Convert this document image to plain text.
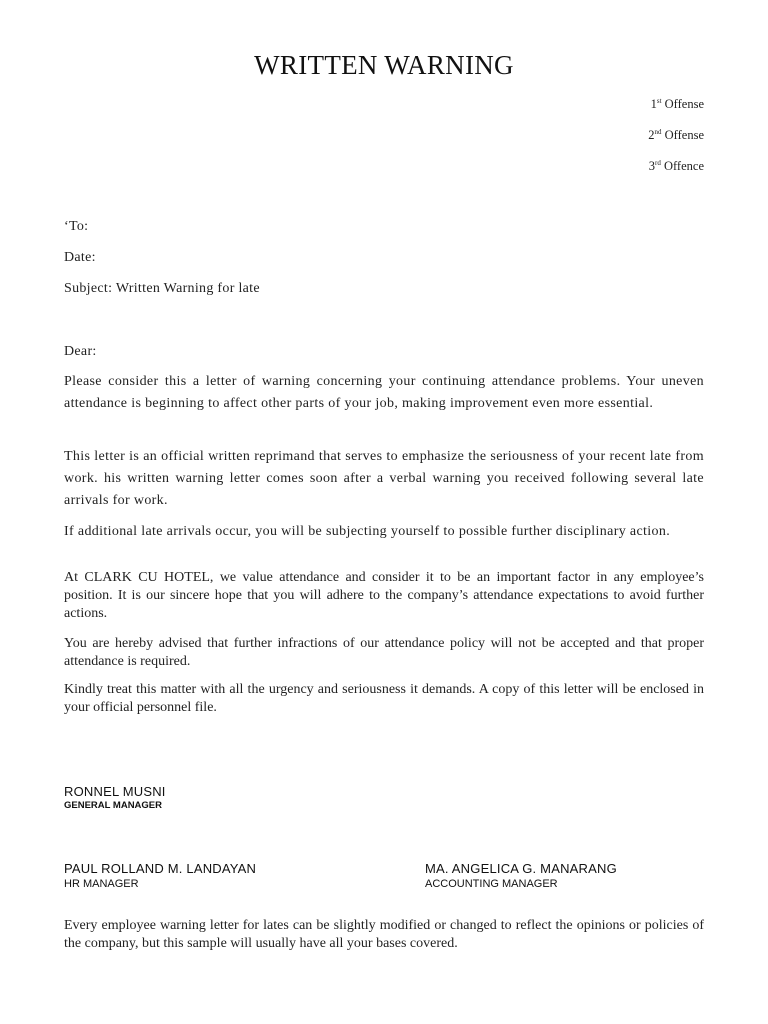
WRITTEN WARNING
1st Offense
2nd Offense
3rd Offence
‘To:
Date:
Subject: Written Warning for late
Dear:
Please consider this a letter of warning concerning your continuing attendance problems. Your uneven attendance is beginning to affect other parts of your job, making improvement even more essential.
This letter is an official written reprimand that serves to emphasize the seriousness of your recent late from work. his written warning letter comes soon after a verbal warning you received following several late arrivals for work.
If additional late arrivals occur, you will be subjecting yourself to possible further disciplinary action.
At CLARK CU HOTEL, we value attendance and consider it to be an important factor in any employee’s position. It is our sincere hope that you will adhere to the company’s attendance expectations to avoid further actions.
You are hereby advised that further infractions of our attendance policy will not be accepted and that proper attendance is required.
Kindly treat this matter with all the urgency and seriousness it demands. A copy of this letter will be enclosed in your official personnel file.
RONNEL MUSNI
GENERAL MANAGER
PAUL ROLLAND M. LANDAYAN
HR MANAGER
MA. ANGELICA G. MANARANG
ACCOUNTING MANAGER
Every employee warning letter for lates can be slightly modified or changed to reflect the opinions or policies of the company, but this sample will usually have all your bases covered.
